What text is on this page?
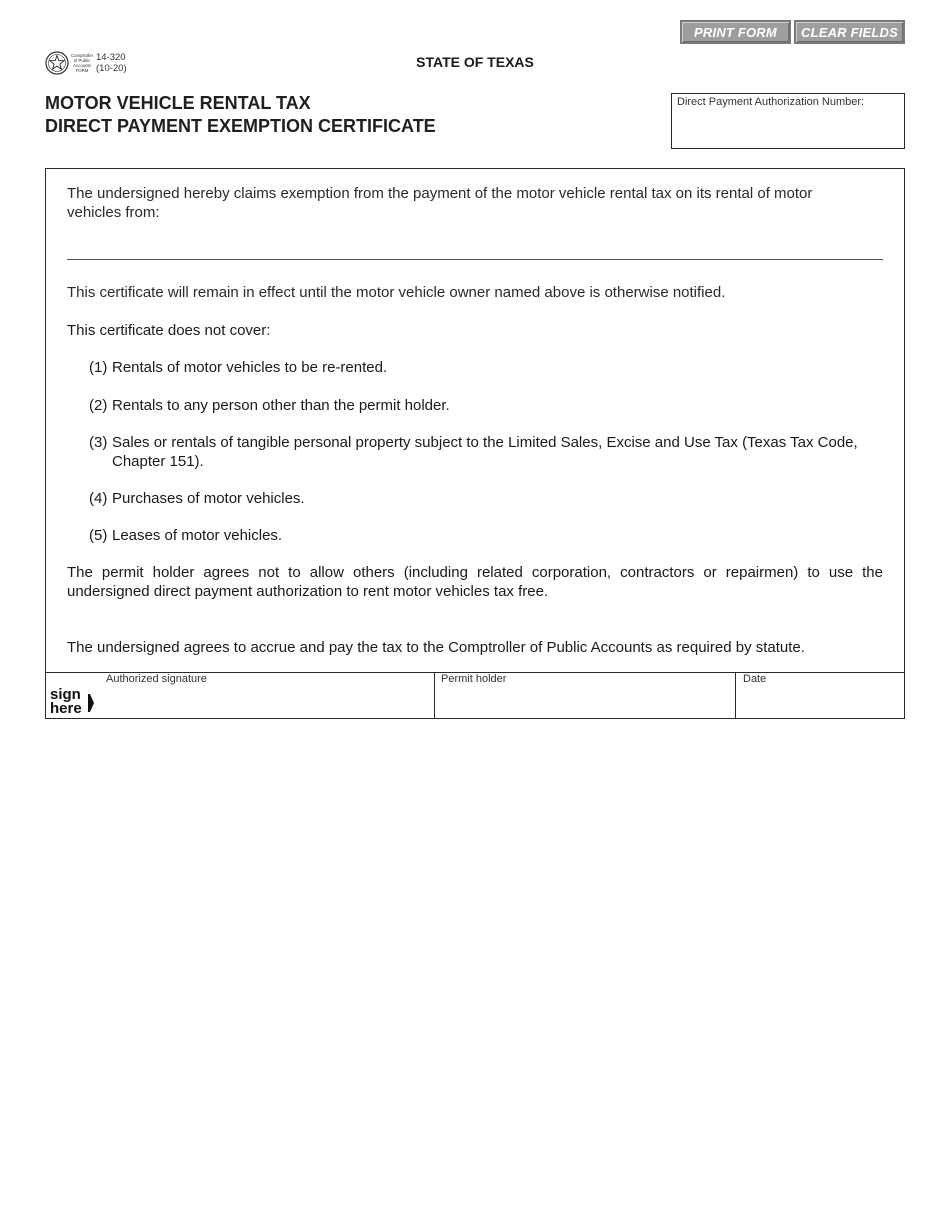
PRINT FORM	CLEAR FIELDS
Comptroller
of Public
Accounts
FORM
14-320
(10-20)	STATE OF TEXAS
MOTOR VEHICLE RENTAL TAX
DIRECT PAYMENT EXEMPTION CERTIFICATE
Direct Payment Authorization Number:
The undersigned hereby claims exemption from the payment of the motor vehicle rental tax on its rental of motor vehicles from:
This certificate will remain in effect until the motor vehicle owner named above is otherwise notified.
This certificate does not cover:
(1) Rentals of motor vehicles to be re-rented.
(2) Rentals to any person other than the permit holder.
(3) Sales or rentals of tangible personal property subject to the Limited Sales, Excise and Use Tax (Texas Tax Code, Chapter 151).
(4) Purchases of motor vehicles.
(5) Leases of motor vehicles.
The permit holder agrees not to allow others (including related corporation, contractors or repairmen) to use the undersigned direct payment authorization to rent motor vehicles tax free.
The undersigned agrees to accrue and pay the tax to the Comptroller of Public Accounts as required by statute.
sign
here
Authorized signature	Permit holder	Date
